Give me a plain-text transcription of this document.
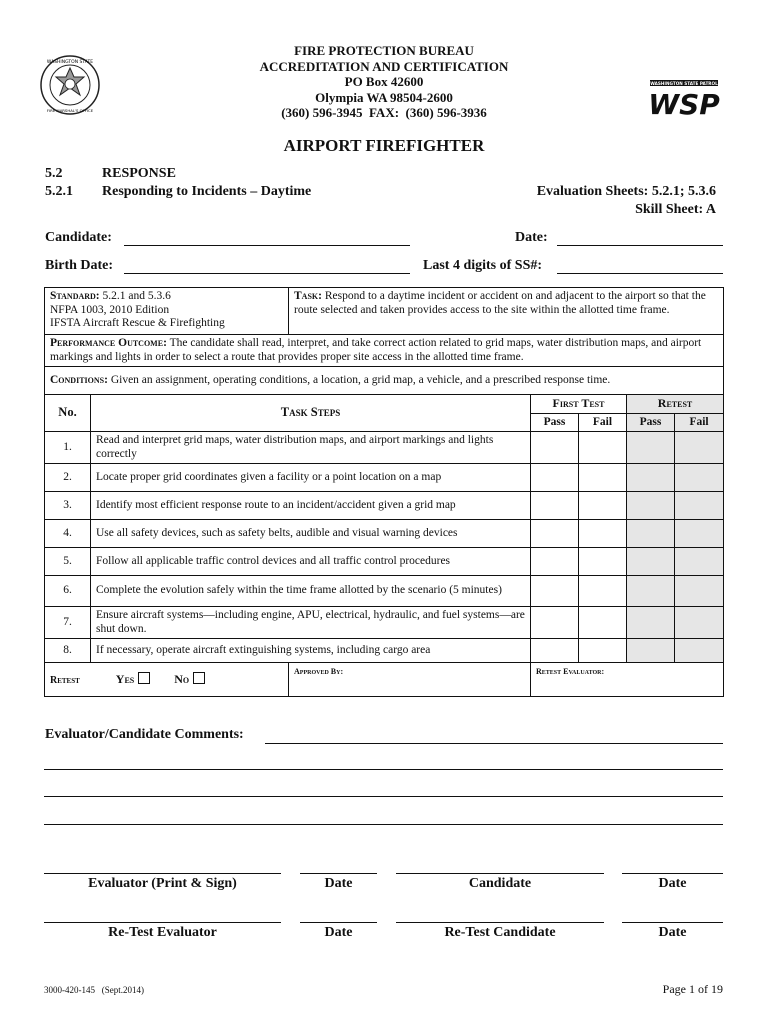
WASHINGTON STATE
FIRE MARSHAL'S OFFICE
FIRE PROTECTION BUREAU
ACCREDITATION AND CERTIFICATION
PO Box 42600
Olympia WA 98504-2600
(360) 596-3945  FAX:  (360) 596-3936
WASHINGTON STATE PATROL
WSP
AIRPORT FIREFIGHTER
5.2	RESPONSE
5.2.1 Responding to Incidents – Daytime	Evaluation Sheets: 5.2.1; 5.3.6
Skill Sheet: A
Candidate:	Date:
Birth Date:	Last 4 digits of SS#:
Standard: 5.2.1 and 5.3.6
NFPA 1003, 2010 Edition
IFSTA Aircraft Rescue & Firefighting		Task: Respond to a daytime incident or accident on and adjacent to the airport so that the route selected and taken provides access to the site within the allotted time frame.				
Performance Outcome: The candidate shall read, interpret, and take correct action related to grid maps, water distribution maps, and airport markings and lights in order to select a route that provides proper site access in the allotted time frame.						
Conditions: Given an assignment, operating conditions, a location, a grid map, a vehicle, and a prescribed response time.						
No.	Task Steps		First Test		Retest	
			Pass	Fail	Pass	Fail
1.	Read and interpret grid maps, water distribution maps, and airport markings and lights correctly					
2.	Locate proper grid coordinates given a facility or a point location on a map					
3.	Identify most efficient response route to an incident/accident given a grid map					
4.	Use all safety devices, such as safety belts, audible and visual warning devices					
5.	Follow all applicable traffic control devices and all traffic control procedures					
6.	Complete the evolution safely within the time frame allotted by the scenario (5 minutes)					
7.	Ensure aircraft systems—including engine, APU, electrical, hydraulic, and fuel systems—are shut down.					
8.	If necessary, operate aircraft extinguishing systems, including cargo area					
Retest Yes No		Approved By:	Retest Evaluator:			
Evaluator/Candidate Comments:
Evaluator (Print & Sign)	Date	Candidate	Date
Re-Test Evaluator	Date	Re-Test Candidate	Date
3000-420-145   (Sept.2014)	Page 1 of 19
